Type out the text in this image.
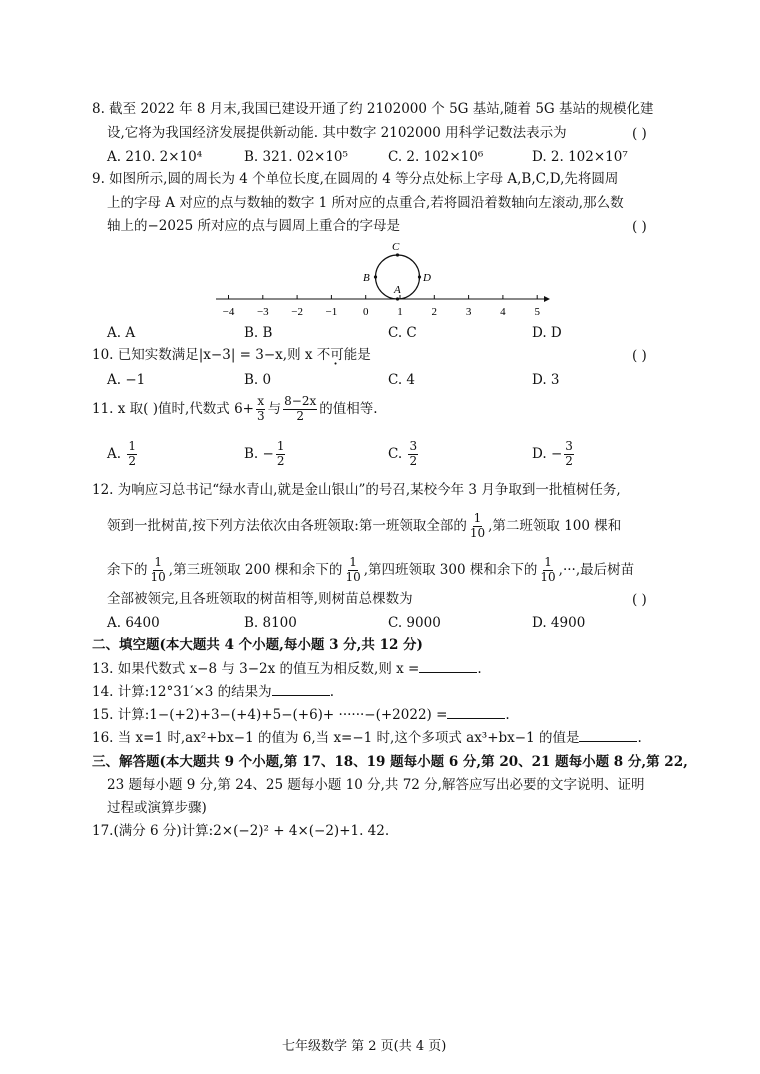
8. 截至 2022 年 8 月末,我国已建设开通了约 2102000 个 5G 基站,随着 5G 基站的规模化建
设,它将为我国经济发展提供新动能. 其中数字 2102000 用科学记数法表示为	( )
A. 210. 2×10⁴	B. 321. 02×10⁵	C. 2. 102×10⁶	D. 2. 102×10⁷
9. 如图所示,圆的周长为 4 个单位长度,在圆周的 4 等分点处标上字母 A,B,C,D,先将圆周
上的字母 A 对应的点与数轴的数字 1 所对应的点重合,若将圆沿着数轴向左滚动,那么数
轴上的−2025 所对应的点与圆周上重合的字母是	( )
−4 −3 −2 −1 0	1	2	3	4	5
C
B	D
A
A. A	B. B	C. C	D. D
10. 已知实数满足|x−3| = 3−x,则 x 不可能是	( )
A. −1	B. 0	C. 4	D. 3
11. x 取( )值时,代数式 $6+ \frac{x}{3}$ 与 $\frac{8-2x}{2}$ 的值相等.
A. $\frac{1}{2}$	B. − $\frac{1}{2}$	C. $\frac{3}{2}$	D. − $\frac{3}{2}$
12. 为响应习总书记“绿水青山,就是金山银山”的号召,某校今年 3 月争取到一批植树任务,
领到一批树苗,按下列方法依次由各班领取:第一班领取全部的 $\frac{1}{10}$ ,第二班领取 100 棵和
余下的 $\frac{1}{10}$ ,第三班领取 200 棵和余下的 $\frac{1}{10}$ ,第四班领取 300 棵和余下的 $\frac{1}{10}$ ,···,最后树苗
全部被领完,且各班领取的树苗相等,则树苗总棵数为	( )
A. 6400	B. 8100	C. 9000	D. 4900
二、填空题(本大题共 4 个小题,每小题 3 分,共 12 分)
13. 如果代数式 x−8 与 3−2x 的值互为相反数,则 x =	.
14. 计算:12°31′×3 的结果为	.
15. 计算:1−(+2)+3−(+4)+5−(+6)+ ······−(+2022) =	.
16. 当 x=1 时,ax²+bx−1 的值为 6,当 x=−1 时,这个多项式 ax³+bx−1 的值是	.
三、解答题(本大题共 9 个小题,第 17、18、19 题每小题 6 分,第 20、21 题每小题 8 分,第 22,
23 题每小题 9 分,第 24、25 题每小题 10 分,共 72 分,解答应写出必要的文字说明、证明
过程或演算步骤)
17.(满分 6 分)计算:2×(−2)² + 4×(−2)+1. 42.
七年级数学 第 2 页(共 4 页)
